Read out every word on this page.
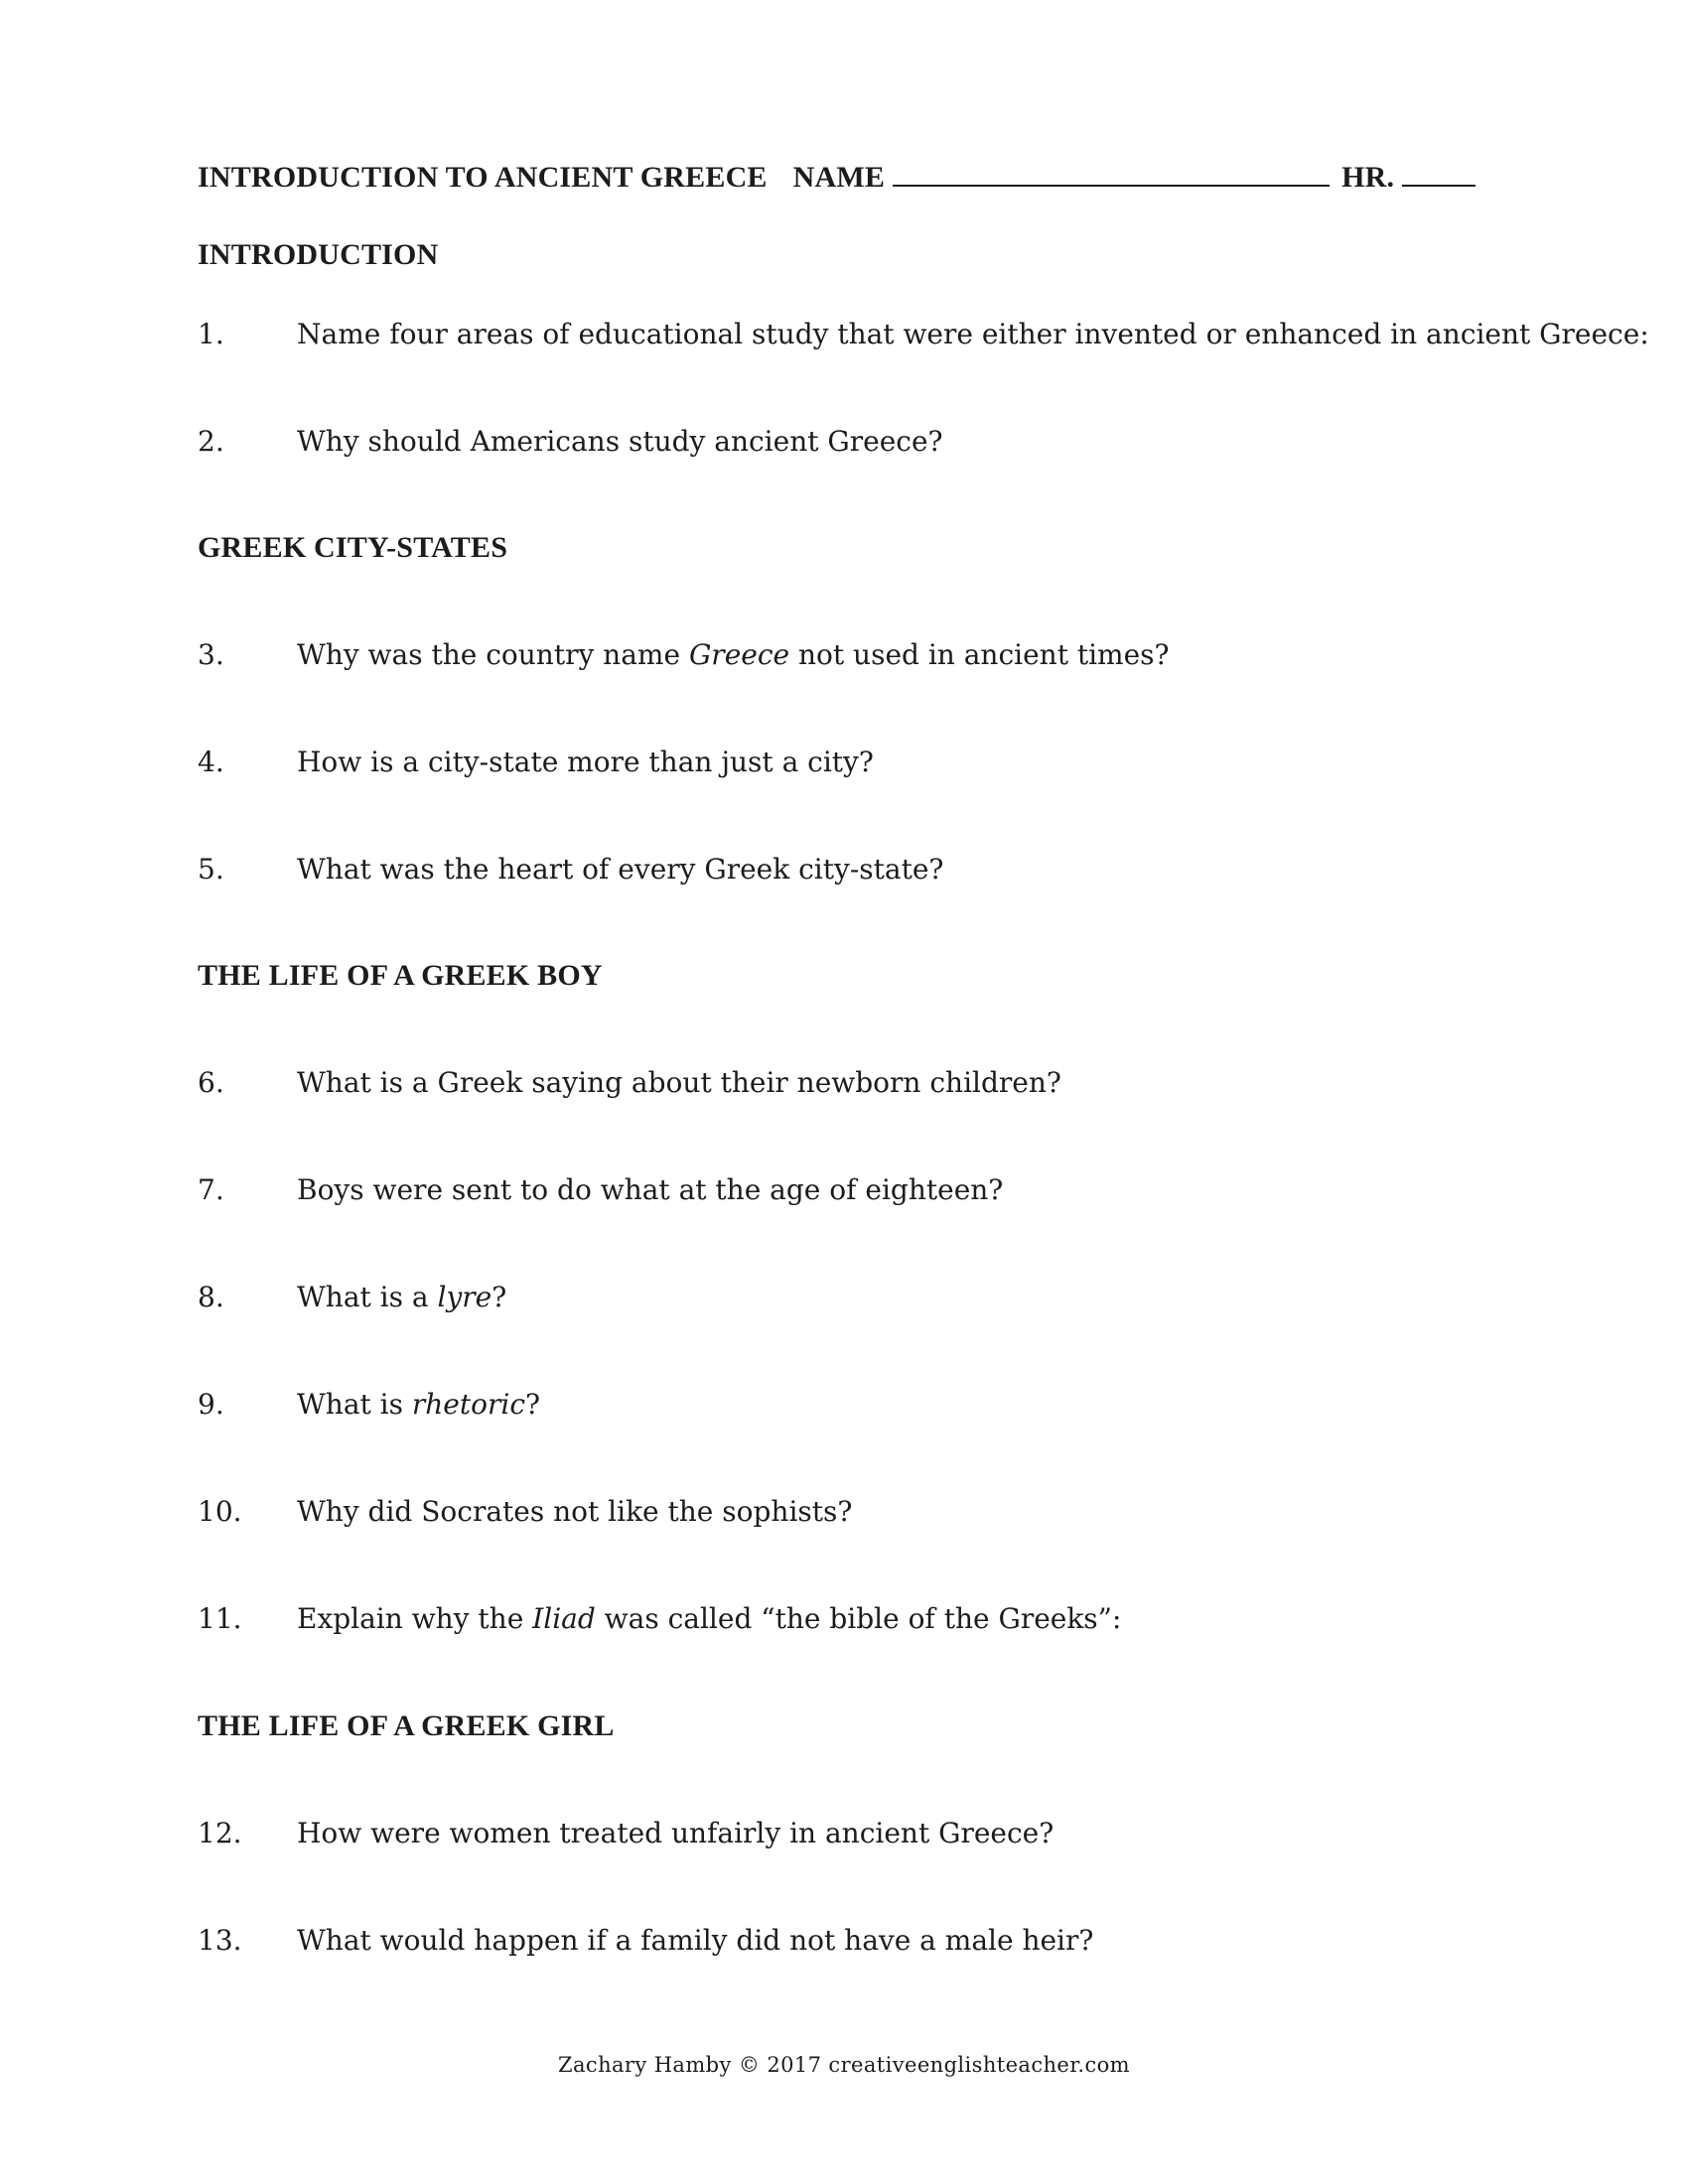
INTRODUCTION TO ANCIENT GREECE NAME	HR.
INTRODUCTION
1.	Name four areas of educational study that were either invented or enhanced in ancient Greece:
2.	Why should Americans study ancient Greece?
GREEK CITY-STATES
3.	Why was the country name Greece not used in ancient times?
4.	How is a city-state more than just a city?
5.	What was the heart of every Greek city-state?
THE LIFE OF A GREEK BOY
6.	What is a Greek saying about their newborn children?
7.	Boys were sent to do what at the age of eighteen?
8.	What is a lyre?
9.	What is rhetoric?
10. Why did Socrates not like the sophists?
11. Explain why the Iliad was called “the bible of the Greeks”:
THE LIFE OF A GREEK GIRL
12. How were women treated unfairly in ancient Greece?
13. What would happen if a family did not have a male heir?
Zachary Hamby © 2017 creativeenglishteacher.com
